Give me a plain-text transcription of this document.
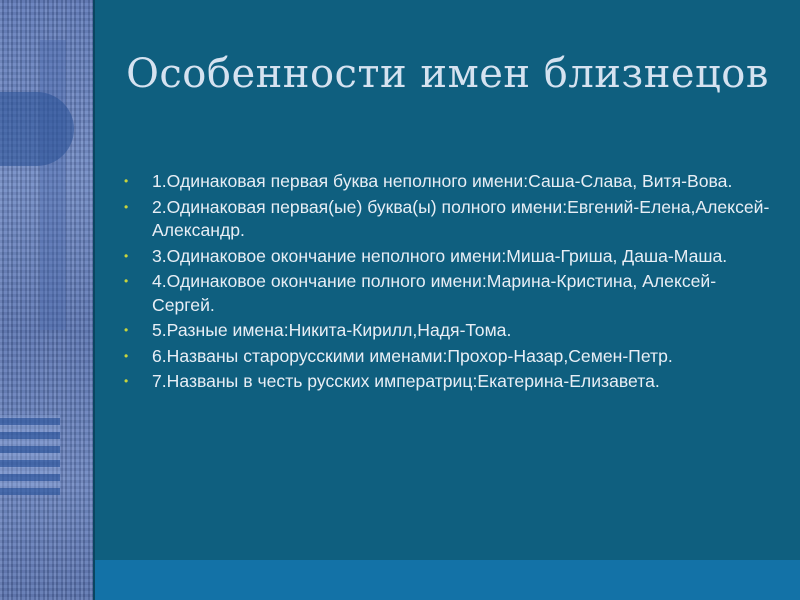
Особенности имен близнецов
• 1.Одинаковая первая буква неполного имени:Саша-Слава, Витя-Вова.
• 2.Одинаковая первая(ые) буква(ы) полного имени:Евгений-Елена,Алексей-Александр.
• 3.Одинаковое окончание неполного имени:Миша-Гриша, Даша-Маша.
• 4.Одинаковое окончание полного имени:Марина-Кристина, Алексей-Сергей.
• 5.Разные имена:Никита-Кирилл,Надя-Тома.
• 6.Названы старорусскими именами:Прохор-Назар,Семен-Петр.
• 7.Названы в честь русских императриц:Екатерина-Елизавета.
